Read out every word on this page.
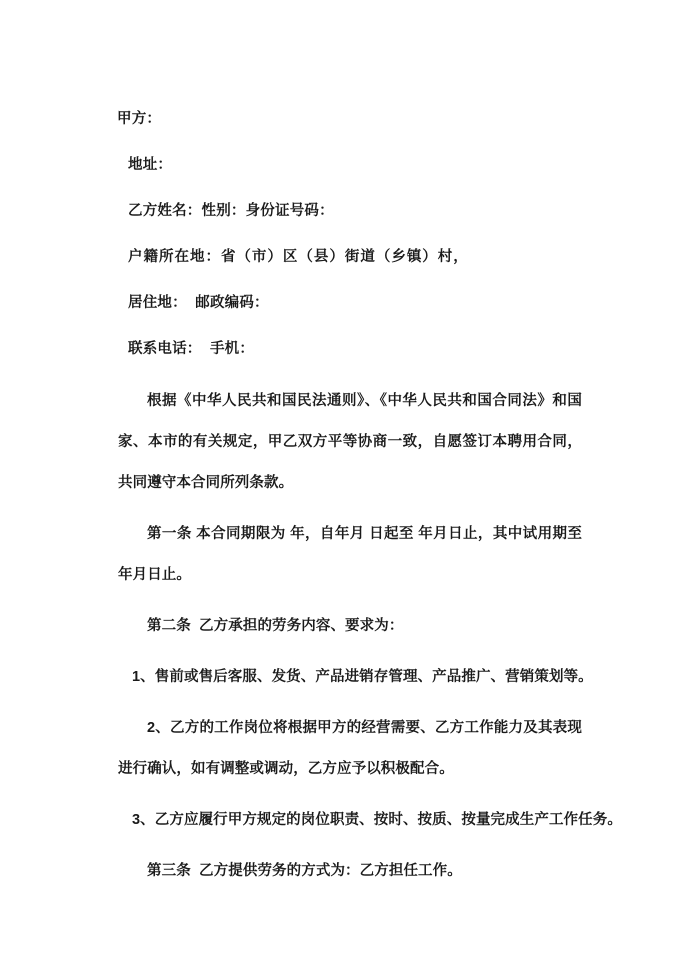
甲方：
地址：
乙方姓名：性别：身份证号码：
户籍所在地：省（市）区（县）街道（乡镇）村，
居住地：  邮政编码：
联系电话：  手机：

根据《中华人民共和国民法通则》、《中华人民共和国合同法》和国家、本市的有关规定，甲乙双方平等协商一致，自愿签订本聘用合同，共同遵守本合同所列条款。

第一条 本合同期限为 年，自年月 日起至 年月日止，其中试用期至 年月日止。

第二条  乙方承担的劳务内容、要求为：

1、售前或售后客服、发货、产品进销存管理、产品推广、营销策划等。

2、乙方的工作岗位将根据甲方的经营需要、乙方工作能力及其表现进行确认，如有调整或调动，乙方应予以积极配合。

3、乙方应履行甲方规定的岗位职责、按时、按质、按量完成生产工作任务。

第三条  乙方提供劳务的方式为：乙方担任工作。
